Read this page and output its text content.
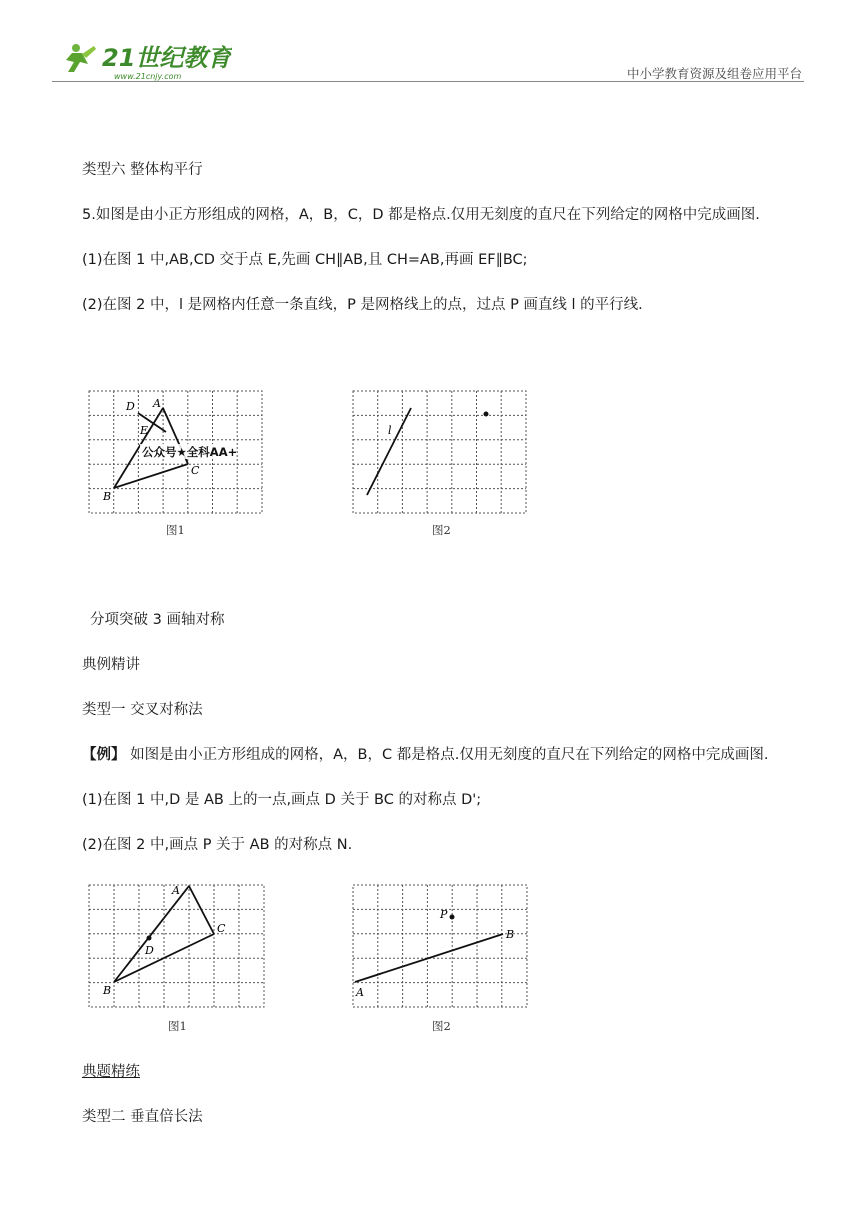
21世纪教育
www.21cnjy.com	中小学教育资源及组卷应用平台
类型六 整体构平行
5.如图是由小正方形组成的网格，A，B，C，D 都是格点.仅用无刻度的直尺在下列给定的网格中完成画图.
(1)在图 1 中,AB,CD 交于点 E,先画 CH∥AB,且 CH=AB,再画 EF∥BC;
(2)在图 2 中，l 是网格内任意一条直线，P 是网格线上的点，过点 P 画直线 l 的平行线.
D A
E
C
B
公众号★全科AA+
图1
l
图2
分项突破 3 画轴对称
典例精讲
类型一 交叉对称法
【例】 如图是由小正方形组成的网格，A，B，C 都是格点.仅用无刻度的直尺在下列给定的网格中完成画图.
(1)在图 1 中,D 是 AB 上的一点,画点 D 关于 BC 的对称点 D';
(2)在图 2 中,画点 P 关于 AB 的对称点 N.
A
C
D
B
图1
P
B
A
图2
典题精练
类型二 垂直倍长法
